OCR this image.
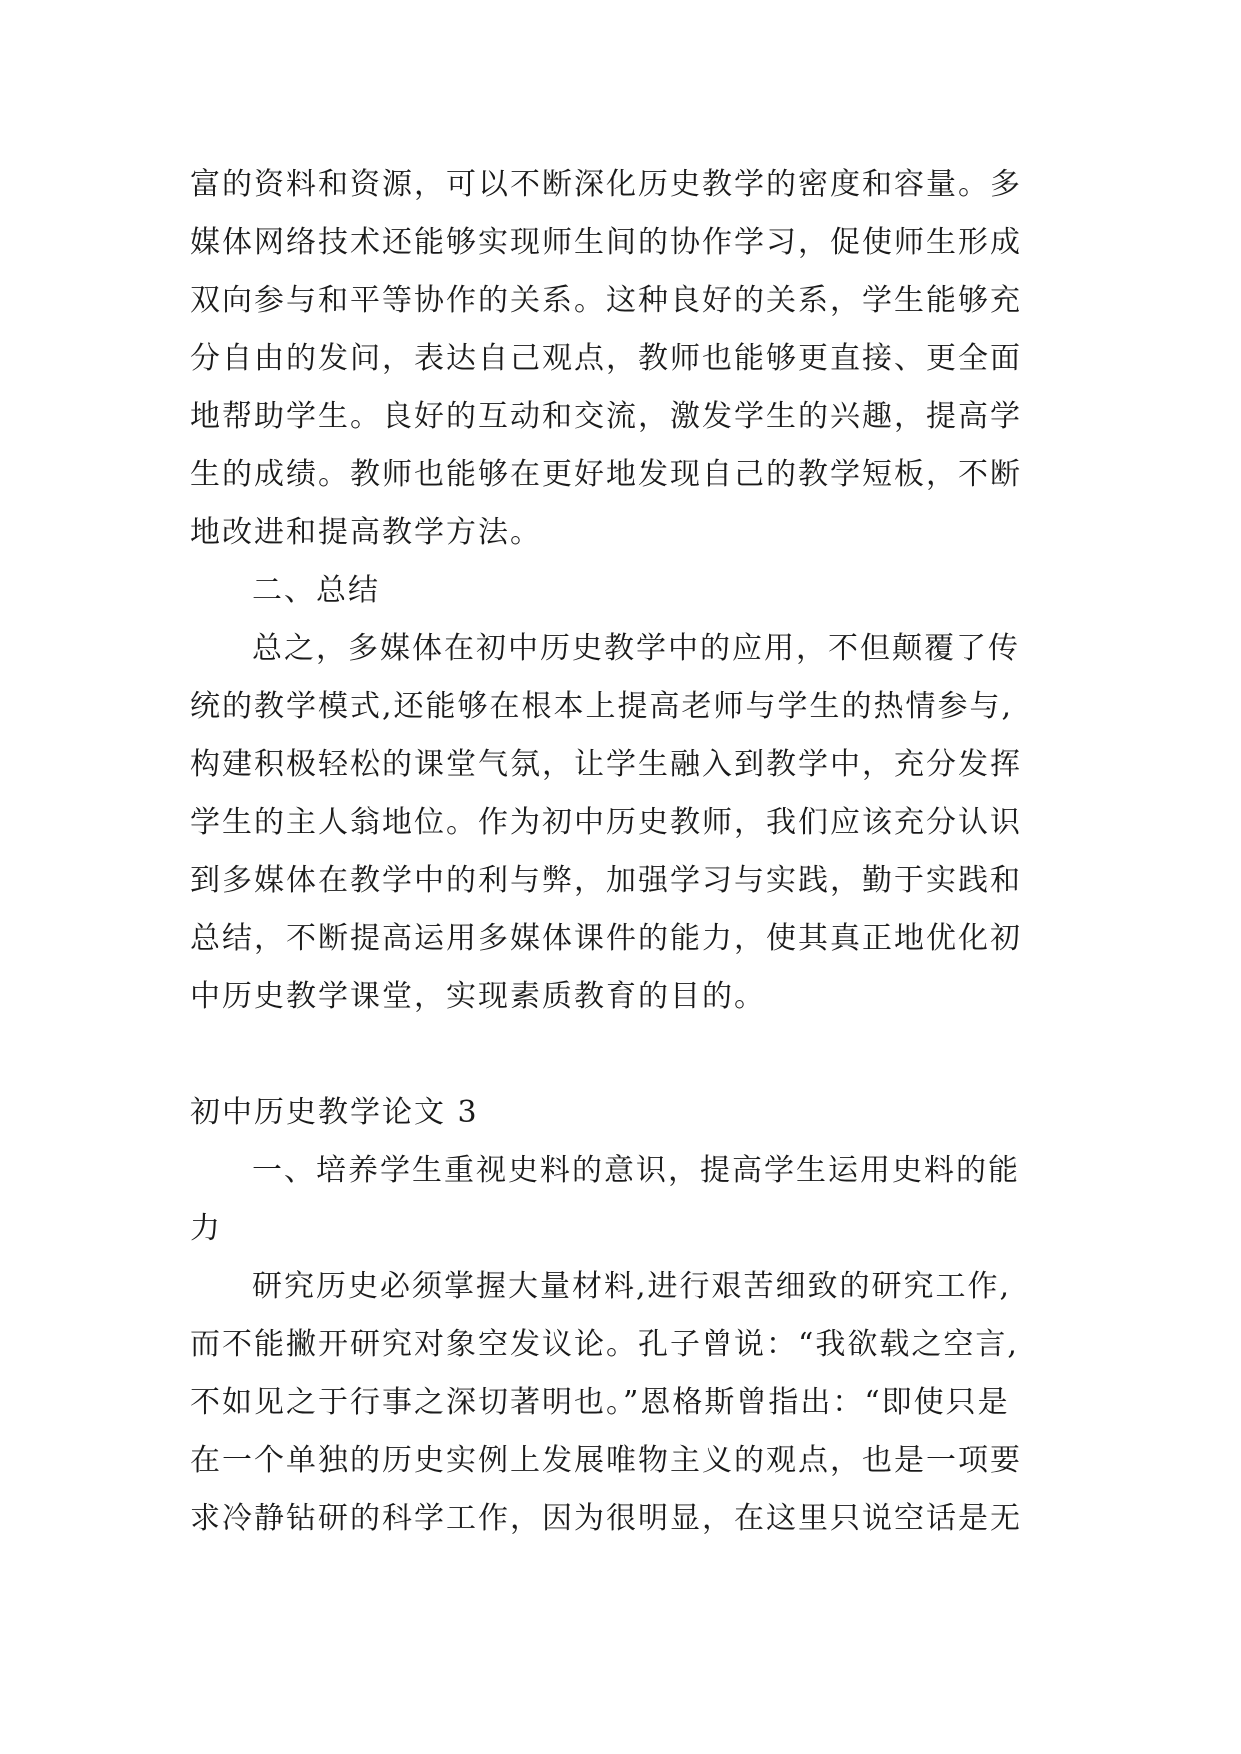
富的资料和资源，可以不断深化历史教学的密度和容量。多
媒体网络技术还能够实现师生间的协作学习，促使师生形成
双向参与和平等协作的关系。这种良好的关系，学生能够充
分自由的发问，表达自己观点，教师也能够更直接、更全面
地帮助学生。良好的互动和交流，激发学生的兴趣，提高学
生的成绩。教师也能够在更好地发现自己的教学短板，不断
地改进和提高教学方法。
二、总结
总之，多媒体在初中历史教学中的应用，不但颠覆了传
统的教学模式,还能够在根本上提高老师与学生的热情参与,
构建积极轻松的课堂气氛，让学生融入到教学中，充分发挥
学生的主人翁地位。作为初中历史教师，我们应该充分认识
到多媒体在教学中的利与弊，加强学习与实践，勤于实践和
总结，不断提高运用多媒体课件的能力，使其真正地优化初
中历史教学课堂，实现素质教育的目的。
初中历史教学论文 3
一、培养学生重视史料的意识，提高学生运用史料的能
力
研究历史必须掌握大量材料,进行艰苦细致的研究工作,
而不能撇开研究对象空发议论。孔子曾说：“我欲载之空言,
不如见之于行事之深切著明也。”恩格斯曾指出：“即使只是
在一个单独的历史实例上发展唯物主义的观点，也是一项要
求冷静钻研的科学工作，因为很明显，在这里只说空话是无
